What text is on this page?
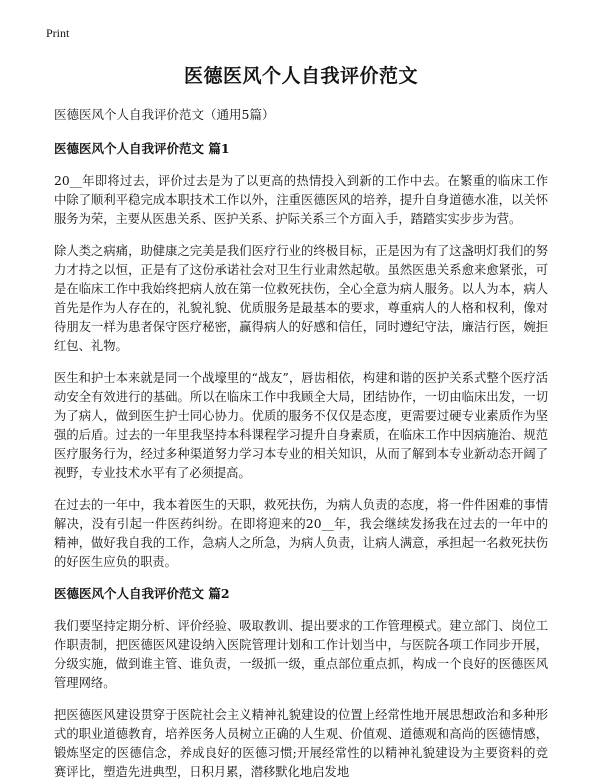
Print
医德医风个人自我评价范文
医德医风个人自我评价范文（通用5篇）
医德医风个人自我评价范文 篇1

20__年即将过去，评价过去是为了以更高的热情投入到新的工作中去。在繁重的临床工作中除了顺利平稳完成本职技术工作以外，注重医德医风的培养，提升自身道德水准，以关怀服务为荣，主要从医患关系、医护关系、护际关系三个方面入手，踏踏实实步步为营。

除人类之病痛，助健康之完美是我们医疗行业的终极目标，正是因为有了这盏明灯我们的努力才持之以恒，正是有了这份承诺社会对卫生行业肃然起敬。虽然医患关系愈来愈紧张，可是在临床工作中我始终把病人放在第一位救死扶伤，全心全意为病人服务。以人为本，病人首先是作为人存在的，礼貌礼貌、优质服务是最基本的要求，尊重病人的人格和权利，像对待朋友一样为患者保守医疗秘密，赢得病人的好感和信任，同时遵纪守法，廉洁行医，婉拒红包、礼物。

医生和护士本来就是同一个战壕里的“战友”，唇齿相依，构建和谐的医护关系式整个医疗活动安全有效进行的基础。所以在临床工作中我顾全大局，团结协作，一切由临床出发，一切为了病人，做到医生护士同心协力。优质的服务不仅仅是态度，更需要过硬专业素质作为坚强的后盾。过去的一年里我坚持本科课程学习提升自身素质，在临床工作中因病施治、规范医疗服务行为，经过多种渠道努力学习本专业的相关知识，从而了解到本专业新动态开阔了视野，专业技术水平有了必须提高。

在过去的一年中，我本着医生的天职，救死扶伤，为病人负责的态度，将一件件困难的事情解决，没有引起一件医药纠纷。在即将迎来的20__年，我会继续发扬我在过去的一年中的精神，做好我自我的工作，急病人之所急，为病人负责，让病人满意，承担起一名救死扶伤的好医生应负的职责。

医德医风个人自我评价范文 篇2

我们要坚持定期分析、评价经验、吸取教训、提出要求的工作管理模式。建立部门、岗位工作职责制，把医德医风建设纳入医院管理计划和工作计划当中，与医院各项工作同步开展，分级实施，做到谁主管、谁负责，一级抓一级，重点部位重点抓，构成一个良好的医德医风管理网络。

把医德医风建设贯穿于医院社会主义精神礼貌建设的位置上经常性地开展思想政治和多种形式的职业道德教育，培养医务人员树立正确的人生观、价值观、道德观和高尚的医德情感，锻炼坚定的医德信念，养成良好的医德习惯;开展经常性的以精神礼貌建设为主要资料的竞赛评比，塑造先进典型，日积月累，潜移默化地启发地
